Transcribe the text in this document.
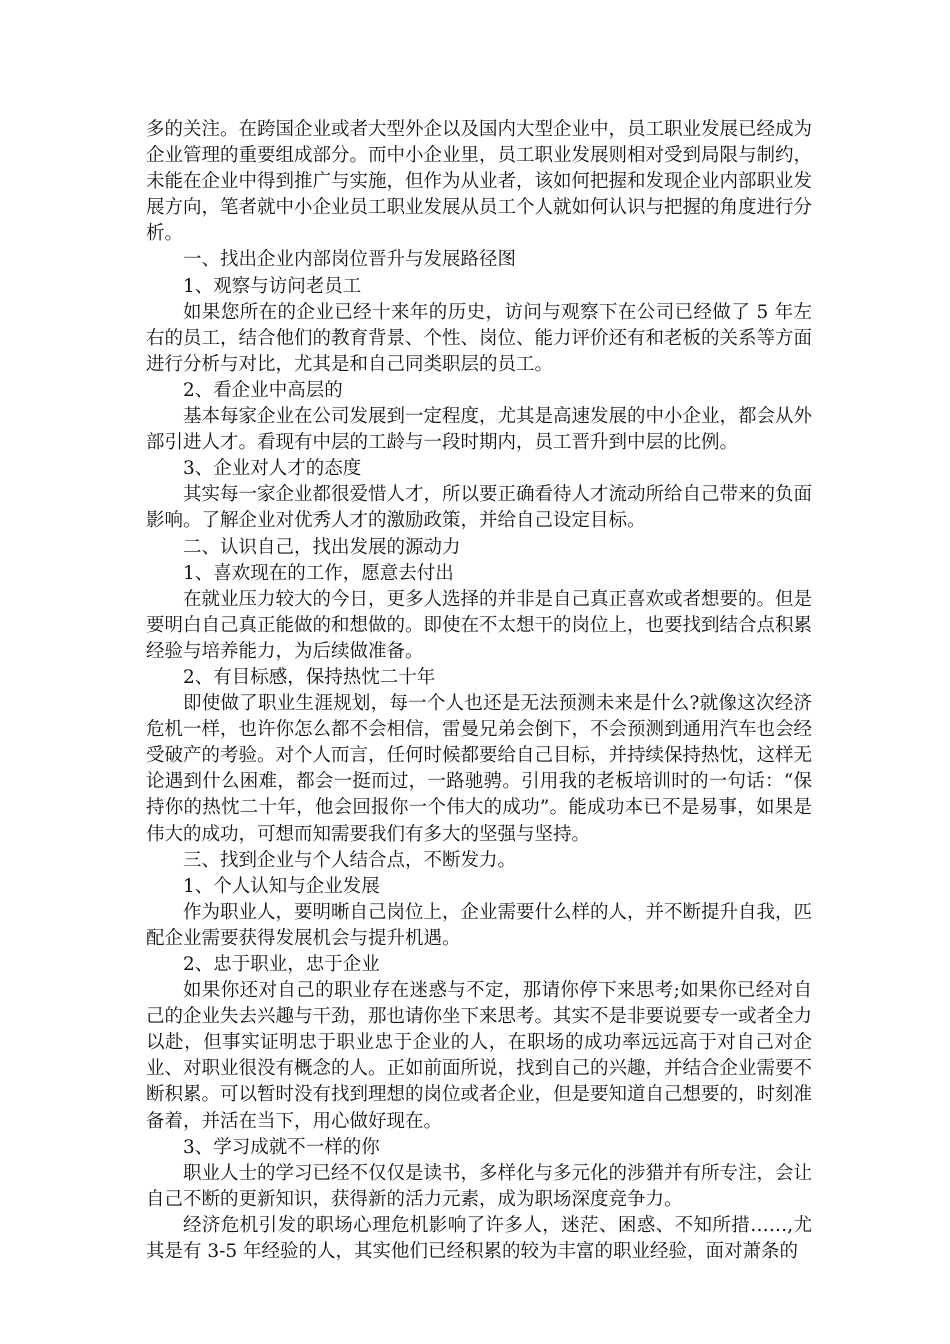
多的关注。在跨国企业或者大型外企以及国内大型企业中，员工职业发展已经成为企业管理的重要组成部分。而中小企业里，员工职业发展则相对受到局限与制约，未能在企业中得到推广与实施，但作为从业者，该如何把握和发现企业内部职业发展方向，笔者就中小企业员工职业发展从员工个人就如何认识与把握的角度进行分析。

一、找出企业内部岗位晋升与发展路径图

1、观察与访问老员工

如果您所在的企业已经十来年的历史，访问与观察下在公司已经做了 5 年左右的员工，结合他们的教育背景、个性、岗位、能力评价还有和老板的关系等方面进行分析与对比，尤其是和自己同类职层的员工。

2、看企业中高层的

基本每家企业在公司发展到一定程度，尤其是高速发展的中小企业，都会从外部引进人才。看现有中层的工龄与一段时期内，员工晋升到中层的比例。

3、企业对人才的态度

其实每一家企业都很爱惜人才，所以要正确看待人才流动所给自己带来的负面影响。了解企业对优秀人才的激励政策，并给自己设定目标。

二、认识自己，找出发展的源动力

1、喜欢现在的工作，愿意去付出

在就业压力较大的今日，更多人选择的并非是自己真正喜欢或者想要的。但是要明白自己真正能做的和想做的。即使在不太想干的岗位上，也要找到结合点积累经验与培养能力，为后续做准备。

2、有目标感，保持热忱二十年

即使做了职业生涯规划，每一个人也还是无法预测未来是什么?就像这次经济危机一样，也许你怎么都不会相信，雷曼兄弟会倒下，不会预测到通用汽车也会经受破产的考验。对个人而言，任何时候都要给自己目标，并持续保持热忱，这样无论遇到什么困难，都会一挺而过，一路驰骋。引用我的老板培训时的一句话：“保持你的热忱二十年，他会回报你一个伟大的成功”。能成功本已不是易事，如果是伟大的成功，可想而知需要我们有多大的坚强与坚持。

三、找到企业与个人结合点，不断发力。

1、个人认知与企业发展

作为职业人，要明晰自己岗位上，企业需要什么样的人，并不断提升自我，匹配企业需要获得发展机会与提升机遇。

2、忠于职业，忠于企业

如果你还对自己的职业存在迷惑与不定，那请你停下来思考;如果你已经对自己的企业失去兴趣与干劲，那也请你坐下来思考。其实不是非要说要专一或者全力以赴，但事实证明忠于职业忠于企业的人，在职场的成功率远远高于对自己对企业、对职业很没有概念的人。正如前面所说，找到自己的兴趣，并结合企业需要不断积累。可以暂时没有找到理想的岗位或者企业，但是要知道自己想要的，时刻准备着，并活在当下，用心做好现在。

3、学习成就不一样的你

职业人士的学习已经不仅仅是读书，多样化与多元化的涉猎并有所专注，会让自己不断的更新知识，获得新的活力元素，成为职场深度竞争力。

经济危机引发的职场心理危机影响了许多人，迷茫、困惑、不知所措……,尤其是有 3-5 年经验的人，其实他们已经积累的较为丰富的职业经验，面对萧条的
